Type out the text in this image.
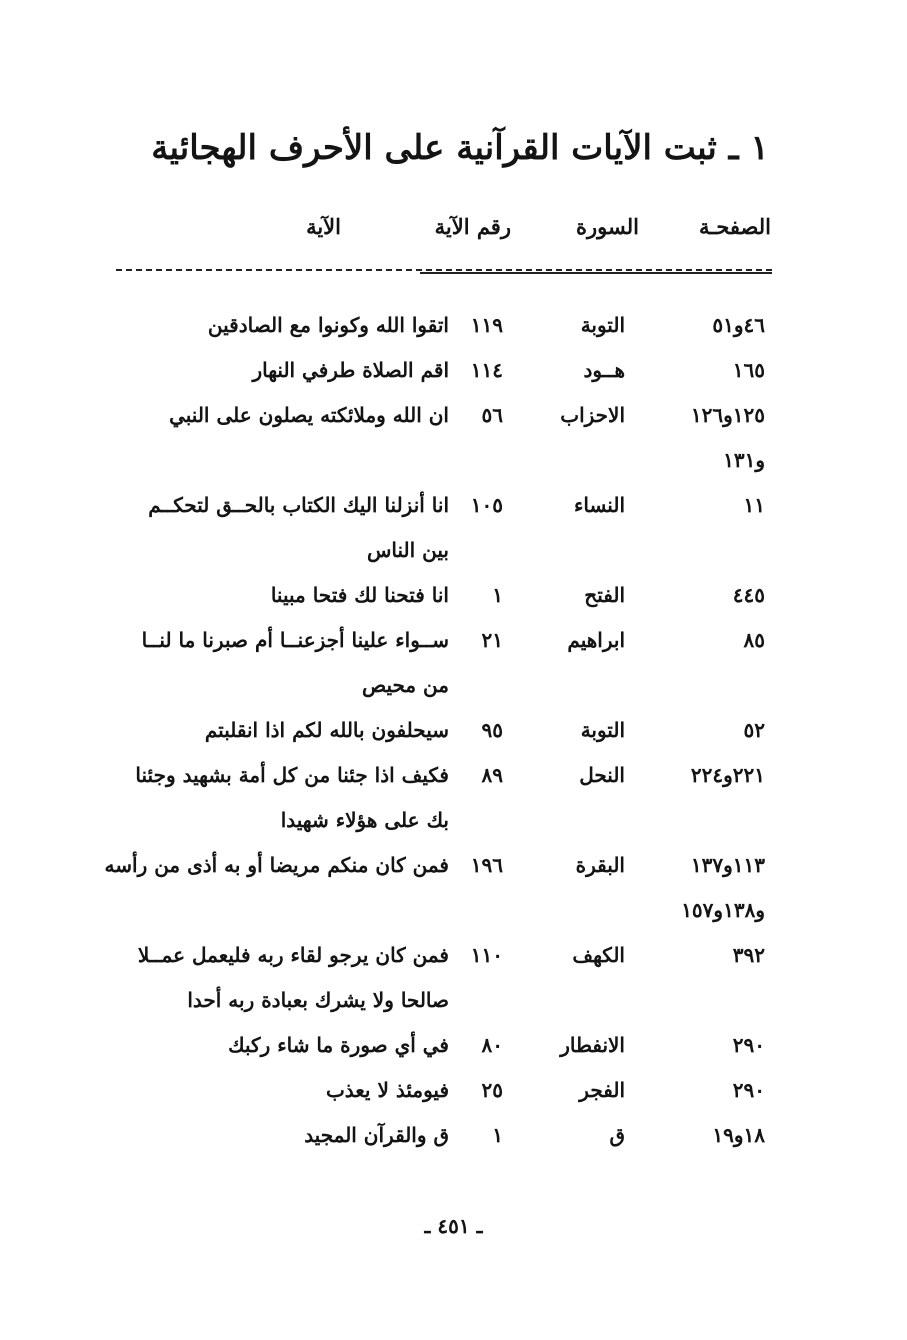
١ ـ ثبت الآيات القرآنية على الأحرف الهجائية
الصفحـة
السورة
رقم الآية
الآية
٤٦و٥١
التوبة
١١٩
اتقوا الله وكونوا مع الصادقين
١٦٥
هــود
١١٤
اقم الصلاة طرفي النهار
١٢٥و١٢٦
الاحزاب
٥٦
ان الله وملائكته يصلون على النبي
و١٣١
١١
النساء
١٠٥
انا أنزلنا اليك الكتاب بالحــق لتحكــم
بين الناس
٤٤٥
الفتح
١
انا فتحنا لك فتحا مبينا
٨٥
ابراهيم
٢١
ســواء علينا أجزعنــا أم صبرنا ما لنــا
من محيص
٥٢
التوبة
٩٥
سيحلفون بالله لكم اذا انقلبتم
٢٢١و٢٢٤
النحل
٨٩
فكيف اذا جئنا من كل أمة بشهيد وجئنا
بك على هؤلاء شهيدا
١١٣و١٣٧
البقرة
١٩٦
فمن كان منكم مريضا أو به أذى من رأسه
و١٣٨و١٥٧
٣٩٢
الكهف
١١٠
فمن كان يرجو لقاء ربه فليعمل عمــلا
صالحا ولا يشرك بعبادة ربه أحدا
٢٩٠
الانفطار
٨٠
في أي صورة ما شاء ركبك
٢٩٠
الفجر
٢٥
فيومئذ لا يعذب
١٨و١٩
ق
١
ق والقرآن المجيد
ـ ٤٥١ ـ
